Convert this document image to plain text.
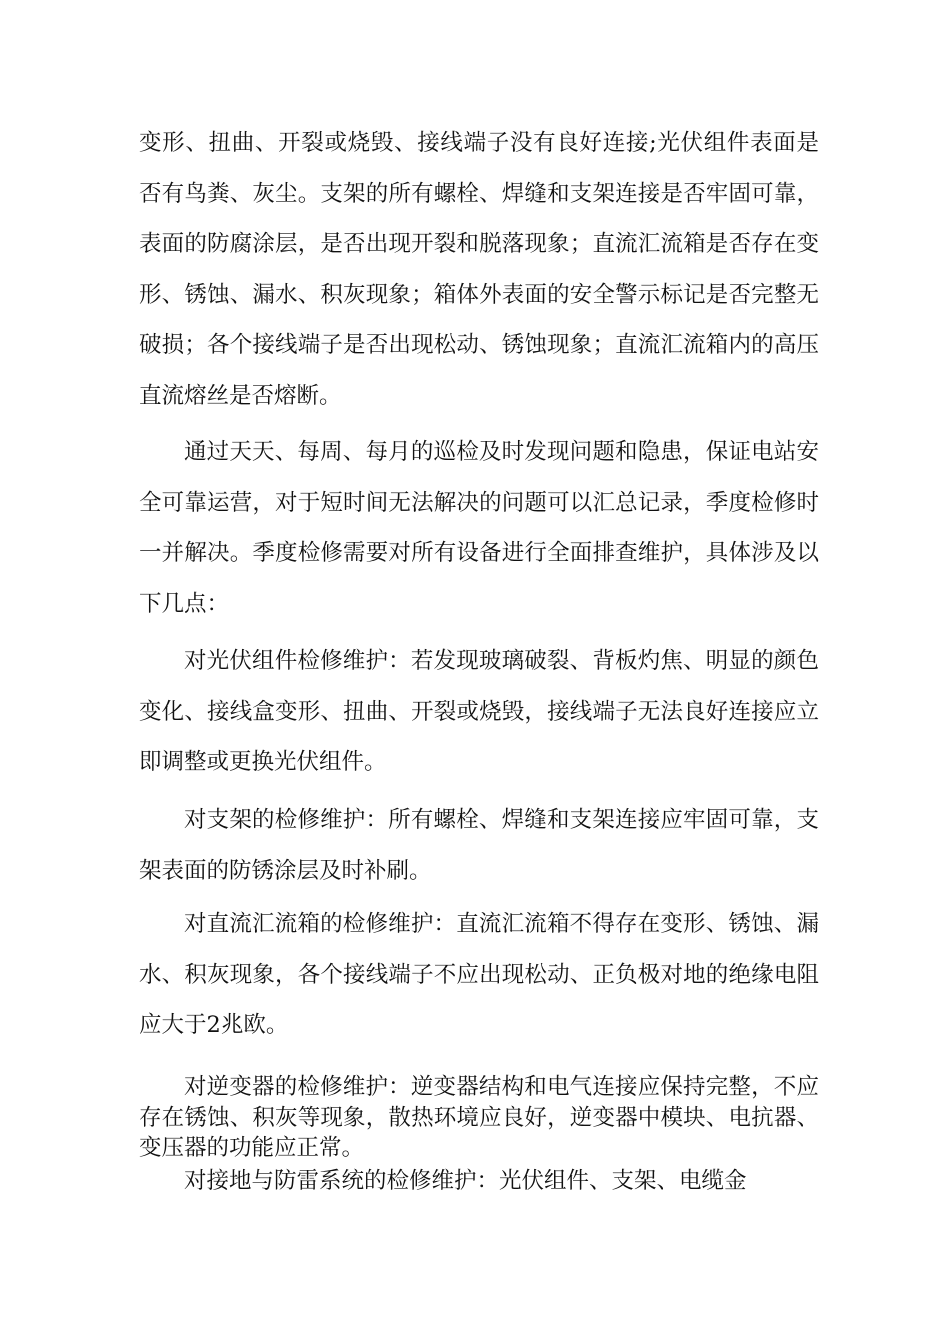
变形、扭曲、开裂或烧毁、接线端子没有良好连接;光伏组件表面是否有鸟粪、灰尘。支架的所有螺栓、焊缝和支架连接是否牢固可靠，表面的防腐涂层，是否出现开裂和脱落现象；直流汇流箱是否存在变形、锈蚀、漏水、积灰现象；箱体外表面的安全警示标记是否完整无破损；各个接线端子是否出现松动、锈蚀现象；直流汇流箱内的高压直流熔丝是否熔断。

通过天天、每周、每月的巡检及时发现问题和隐患，保证电站安全可靠运营，对于短时间无法解决的问题可以汇总记录，季度检修时一并解决。季度检修需要对所有设备进行全面排查维护，具体涉及以下几点：

对光伏组件检修维护：若发现玻璃破裂、背板灼焦、明显的颜色变化、接线盒变形、扭曲、开裂或烧毁，接线端子无法良好连接应立即调整或更换光伏组件。

对支架的检修维护：所有螺栓、焊缝和支架连接应牢固可靠，支架表面的防锈涂层及时补刷。

对直流汇流箱的检修维护：直流汇流箱不得存在变形、锈蚀、漏水、积灰现象，各个接线端子不应出现松动、正负极对地的绝缘电阻应大于2兆欧。

对逆变器的检修维护：逆变器结构和电气连接应保持完整，不应存在锈蚀、积灰等现象，散热环境应良好，逆变器中模块、电抗器、变压器的功能应正常。

对接地与防雷系统的检修维护：光伏组件、支架、电缆金
